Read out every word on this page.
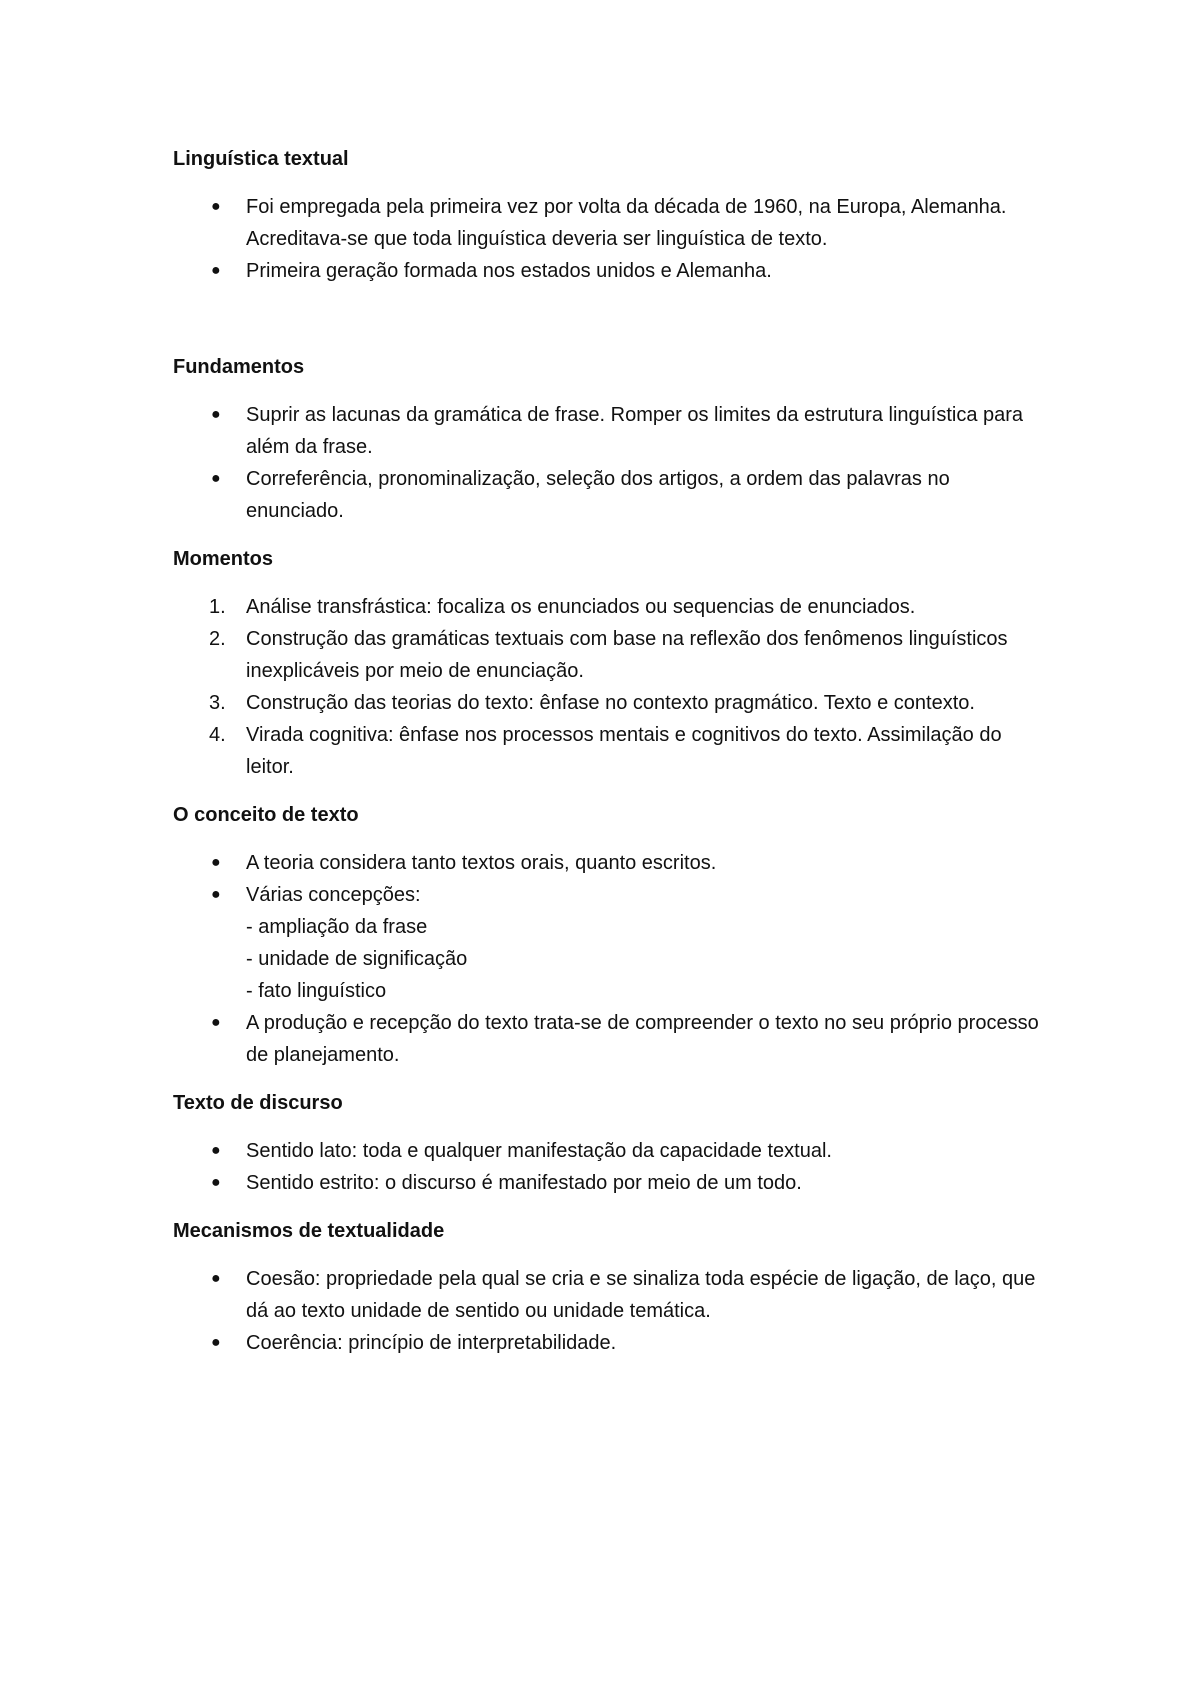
Linguística textual
●	Foi empregada pela primeira vez por volta da década de 1960, na Europa, Alemanha. Acreditava-se que toda linguística deveria ser linguística de texto.
●	Primeira geração formada nos estados unidos e Alemanha.
Fundamentos
●	Suprir as lacunas da gramática de frase. Romper os limites da estrutura linguística para além da frase.
●	Correferência, pronominalização, seleção dos artigos, a ordem das palavras no enunciado.
Momentos
1.	Análise transfrástica: focaliza os enunciados ou sequencias de enunciados.
2.	Construção das gramáticas textuais com base na reflexão dos fenômenos linguísticos inexplicáveis por meio de enunciação.
3.	Construção das teorias do texto: ênfase no contexto pragmático. Texto e contexto.
4.	Virada cognitiva: ênfase nos processos mentais e cognitivos do texto. Assimilação do leitor.
O conceito de texto
●	A teoria considera tanto textos orais, quanto escritos.
●	Várias concepções:
- ampliação da frase
- unidade de significação
- fato linguístico
●	A produção e recepção do texto trata-se de compreender o texto no seu próprio processo de planejamento.
Texto de discurso
●	Sentido lato: toda e qualquer manifestação da capacidade textual.
●	Sentido estrito: o discurso é manifestado por meio de um todo.
Mecanismos de textualidade
●	Coesão: propriedade pela qual se cria e se sinaliza toda espécie de ligação, de laço, que dá ao texto unidade de sentido ou unidade temática.
●	Coerência: princípio de interpretabilidade.
